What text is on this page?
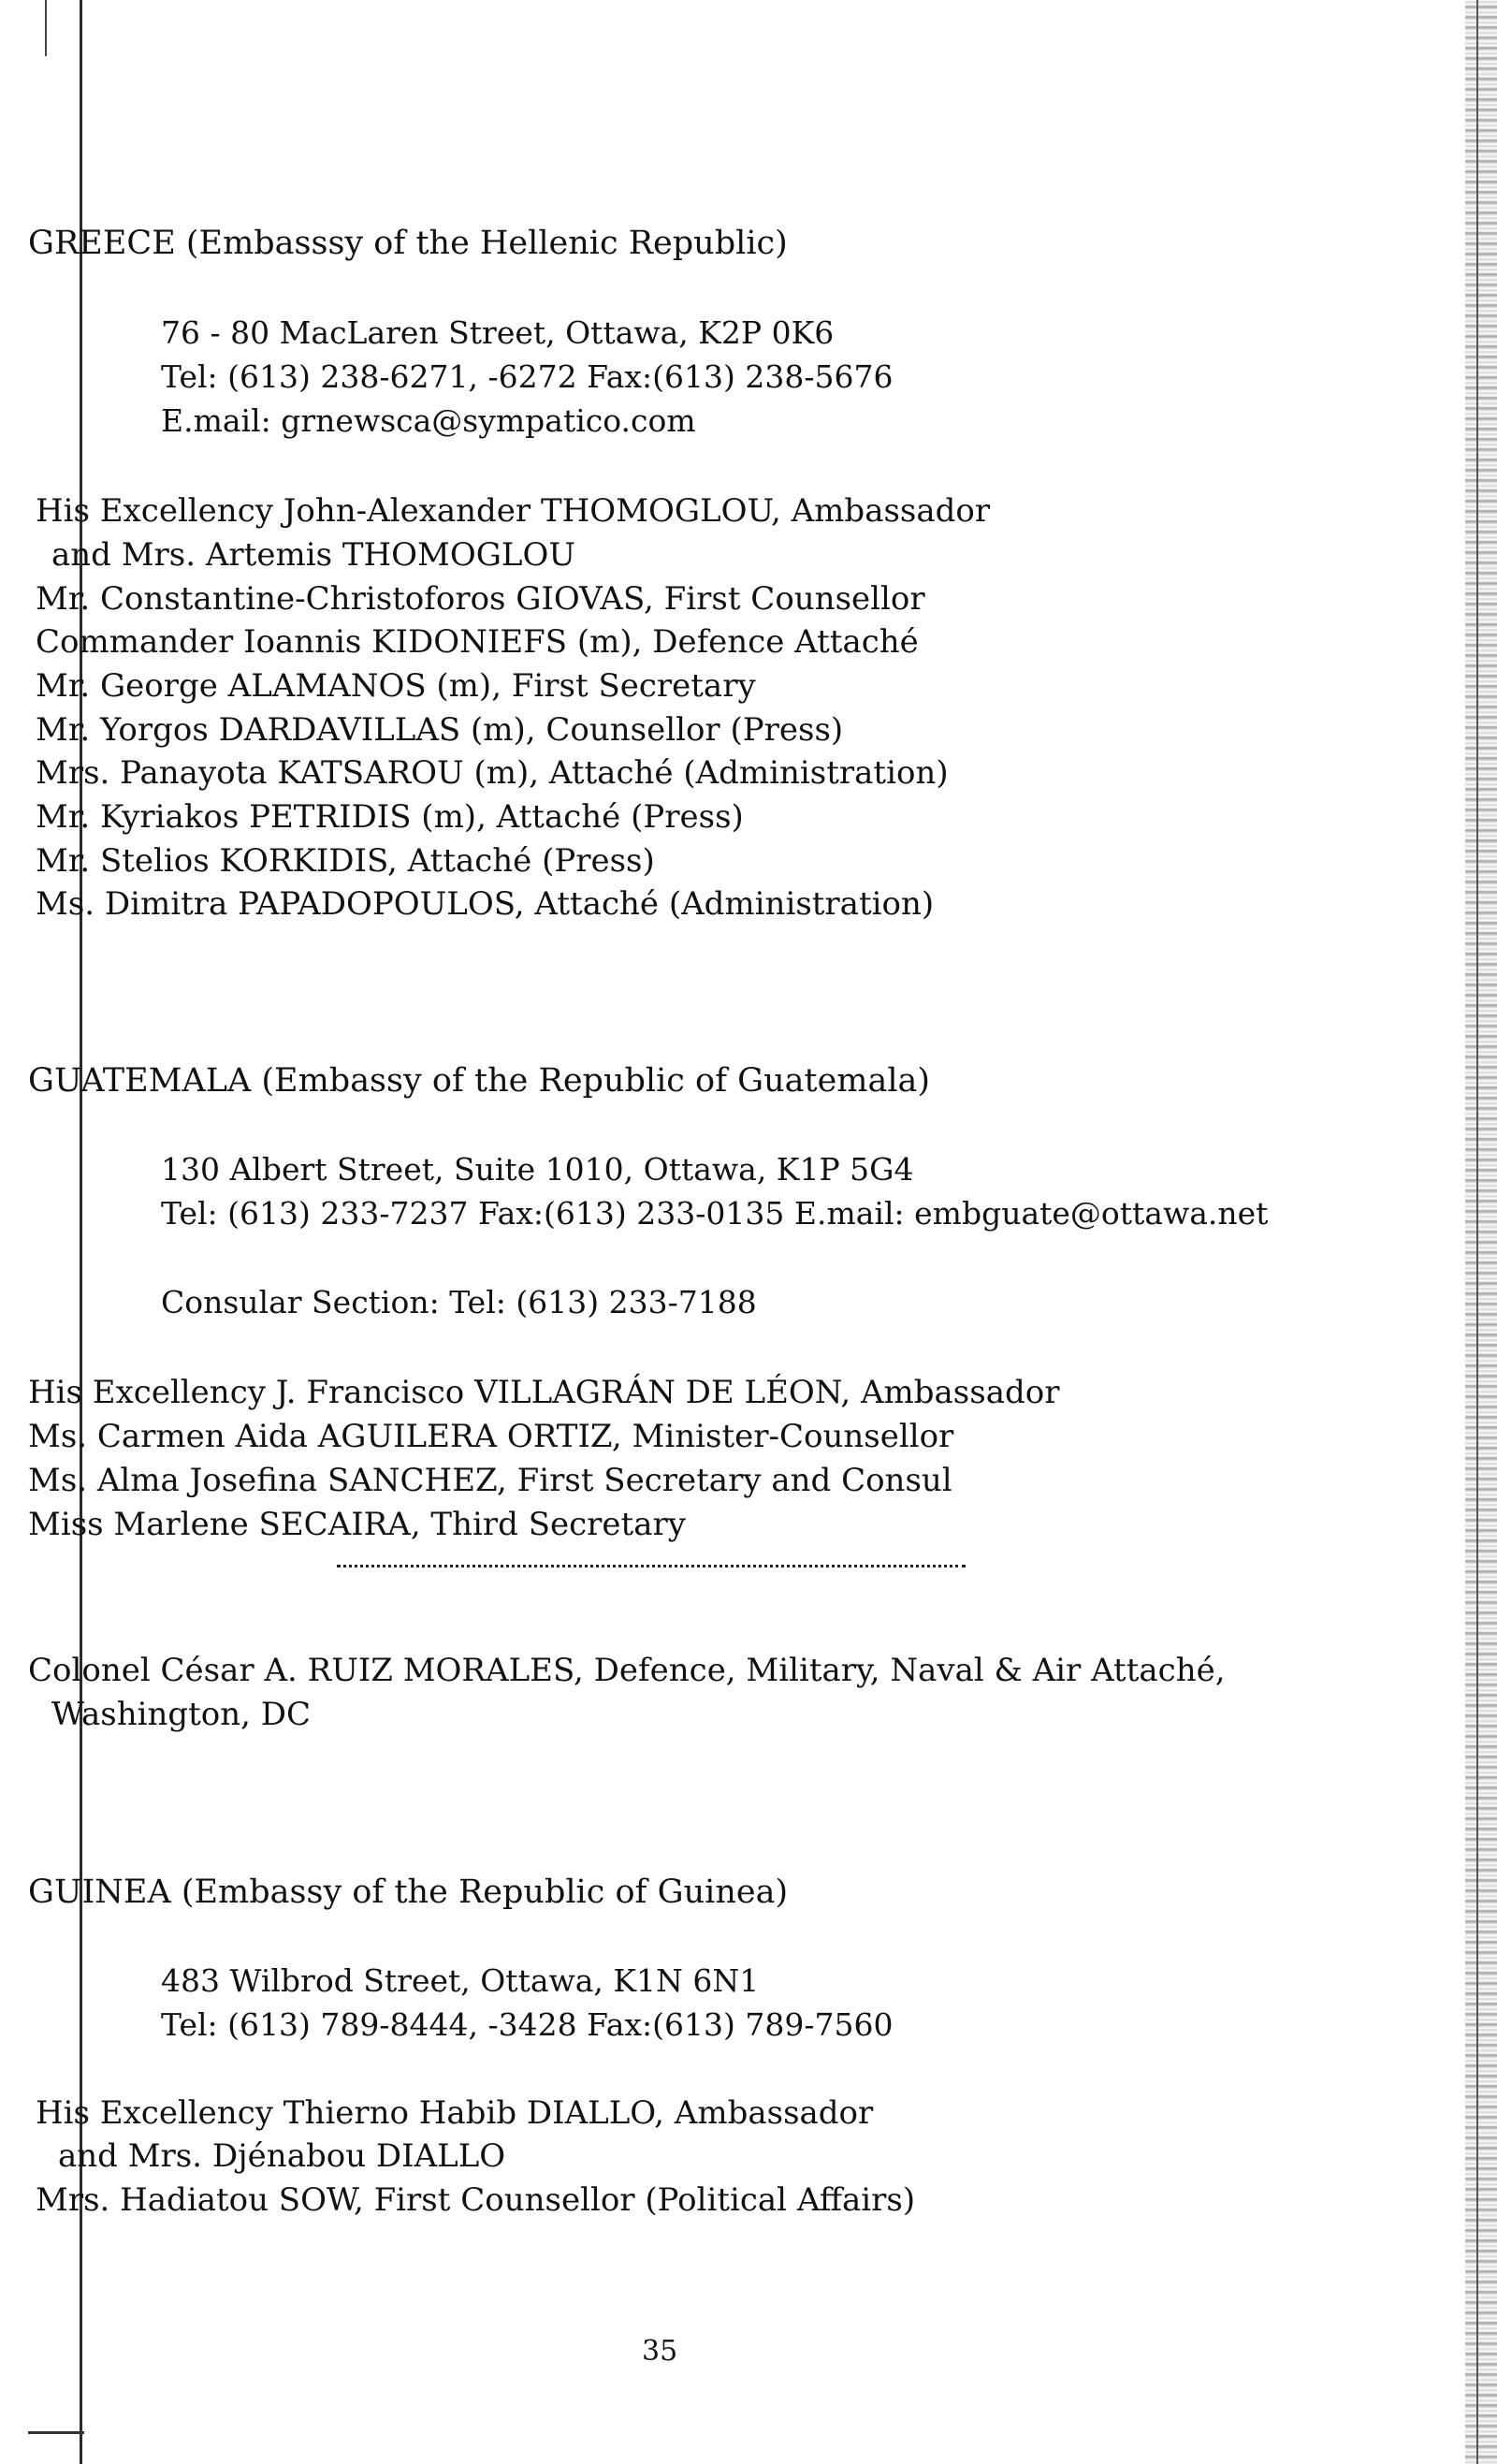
GREECE (Embasssy of the Hellenic Republic)
76 - 80 MacLaren Street, Ottawa, K2P 0K6
Tel: (613) 238-6271, -6272 Fax:(613) 238-5676
E.mail: grnewsca@sympatico.com
His Excellency John-Alexander THOMOGLOU, Ambassador
and Mrs. Artemis THOMOGLOU
Mr. Constantine-Christoforos GIOVAS, First Counsellor
Commander Ioannis KIDONIEFS (m), Defence Attaché
Mr. George ALAMANOS (m), First Secretary
Mr. Yorgos DARDAVILLAS (m), Counsellor (Press)
Mrs. Panayota KATSAROU (m), Attaché (Administration)
Mr. Kyriakos PETRIDIS (m), Attaché (Press)
Mr. Stelios KORKIDIS, Attaché (Press)
Ms. Dimitra PAPADOPOULOS, Attaché (Administration)
GUATEMALA (Embassy of the Republic of Guatemala)
130 Albert Street, Suite 1010, Ottawa, K1P 5G4
Tel: (613) 233-7237 Fax:(613) 233-0135 E.mail: embguate@ottawa.net
Consular Section: Tel: (613) 233-7188
His Excellency J. Francisco VILLAGRÁN DE LÉON, Ambassador
Ms. Carmen Aida AGUILERA ORTIZ, Minister-Counsellor
Ms. Alma Josefina SANCHEZ, First Secretary and Consul
Miss Marlene SECAIRA, Third Secretary
Colonel César A. RUIZ MORALES, Defence, Military, Naval & Air Attaché,
Washington, DC
GUINEA (Embassy of the Republic of Guinea)
483 Wilbrod Street, Ottawa, K1N 6N1
Tel: (613) 789-8444, -3428 Fax:(613) 789-7560
His Excellency Thierno Habib DIALLO, Ambassador
and Mrs. Djénabou DIALLO
Mrs. Hadiatou SOW, First Counsellor (Political Affairs)
35
